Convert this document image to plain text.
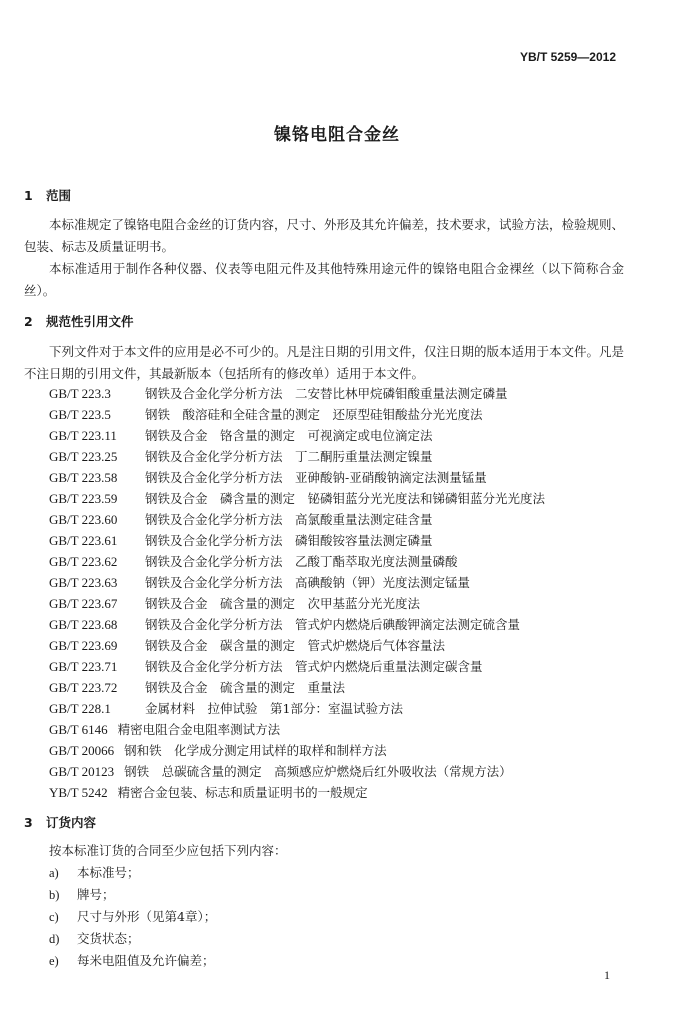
YB/T 5259—2012
镍铬电阻合金丝
1 范围
本标准规定了镍铬电阻合金丝的订货内容，尺寸、外形及其允许偏差，技术要求，试验方法，检验规则、包装、标志及质量证明书。
本标准适用于制作各种仪器、仪表等电阻元件及其他特殊用途元件的镍铬电阻合金裸丝（以下简称合金丝）。
2 规范性引用文件
下列文件对于本文件的应用是必不可少的。凡是注日期的引用文件，仅注日期的版本适用于本文件。凡是不注日期的引用文件，其最新版本（包括所有的修改单）适用于本文件。
GB/T 223.3	钢铁及合金化学分析方法　二安替比林甲烷磷钼酸重量法测定磷量
GB/T 223.5	钢铁　酸溶硅和全硅含量的测定　还原型硅钼酸盐分光光度法
GB/T 223.11 钢铁及合金　铬含量的测定　可视滴定或电位滴定法
GB/T 223.25 钢铁及合金化学分析方法　丁二酮肟重量法测定镍量
GB/T 223.58 钢铁及合金化学分析方法　亚砷酸钠-亚硝酸钠滴定法测量锰量
GB/T 223.59 钢铁及合金　磷含量的测定　铋磷钼蓝分光光度法和锑磷钼蓝分光光度法
GB/T 223.60 钢铁及合金化学分析方法　高氯酸重量法测定硅含量
GB/T 223.61 钢铁及合金化学分析方法　磷钼酸铵容量法测定磷量
GB/T 223.62 钢铁及合金化学分析方法　乙酸丁酯萃取光度法测量磷酸
GB/T 223.63 钢铁及合金化学分析方法　高碘酸钠（钾）光度法测定锰量
GB/T 223.67 钢铁及合金　硫含量的测定　次甲基蓝分光光度法
GB/T 223.68 钢铁及合金化学分析方法　管式炉内燃烧后碘酸钾滴定法测定硫含量
GB/T 223.69 钢铁及合金　碳含量的测定　管式炉燃烧后气体容量法
GB/T 223.71 钢铁及合金化学分析方法　管式炉内燃烧后重量法测定碳含量
GB/T 223.72 钢铁及合金　硫含量的测定　重量法
GB/T 228.1	金属材料　拉伸试验　第1部分：室温试验方法
GB/T 6146 精密电阻合金电阻率测试方法
GB/T 20066 钢和铁　化学成分测定用试样的取样和制样方法
GB/T 20123 钢铁　总碳硫含量的测定　高频感应炉燃烧后红外吸收法（常规方法）
YB/T 5242 精密合金包装、标志和质量证明书的一般规定
3 订货内容
按本标准订货的合同至少应包括下列内容：
a) 本标准号；
b) 牌号；
c) 尺寸与外形（见第4章）；
d) 交货状态；
e) 每米电阻值及允许偏差；
1
